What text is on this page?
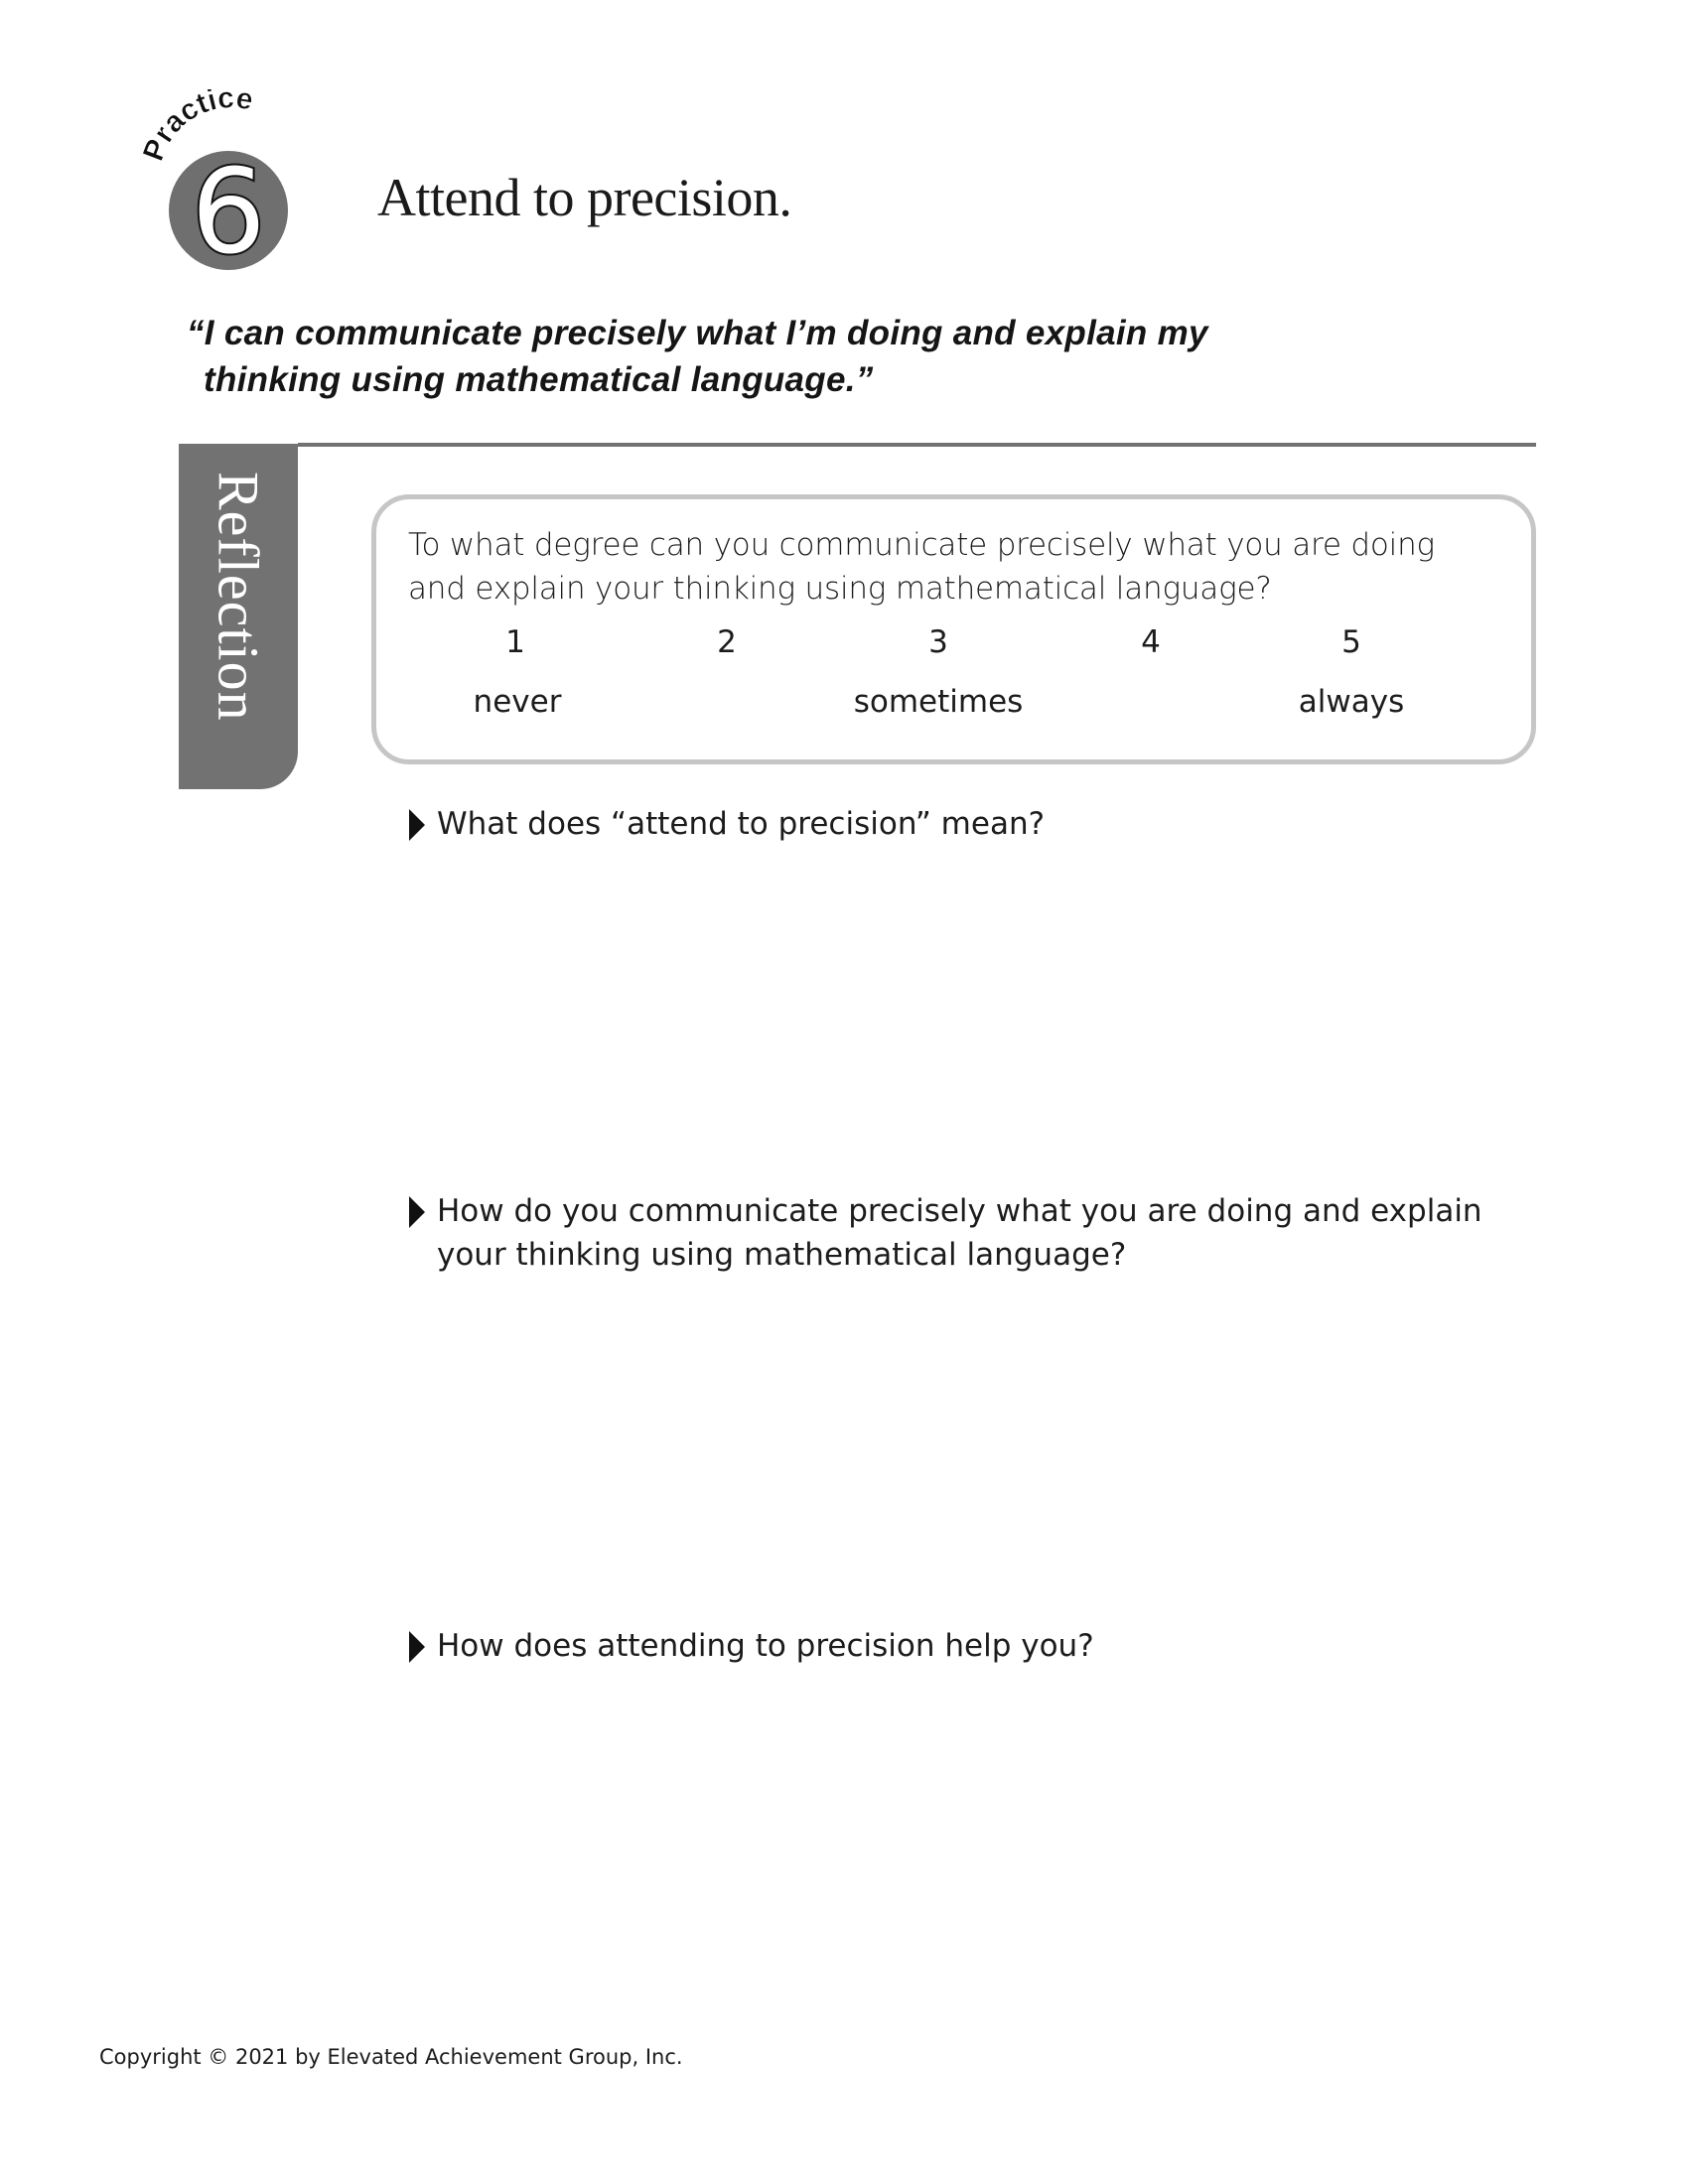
Practice
6 Attend to precision.
“I can communicate precisely what I’m doing and explain my
thinking using mathematical language.”
Reflection	To what degree can you communicate precisely what you are doing and explain your thinking using mathematical language?
1	2	3	4	5
never	sometimes	always
What does “attend to precision” mean?
How do you communicate precisely what you are doing and explain
your thinking using mathematical language?
How does attending to precision help you?
Copyright © 2021 by Elevated Achievement Group, Inc.
